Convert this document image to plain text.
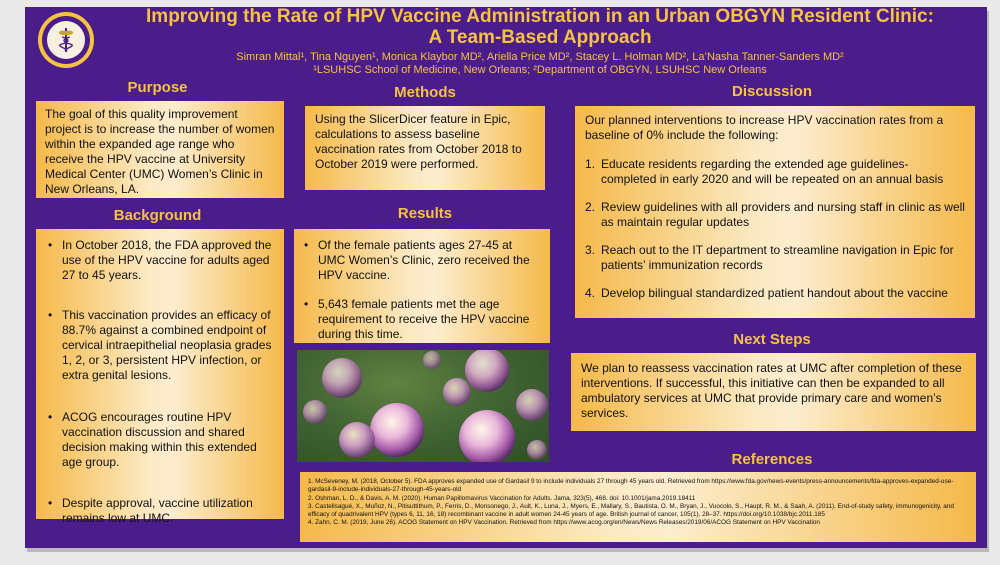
Improving the Rate of HPV Vaccine Administration in an Urban OBGYN Resident Clinic:
A Team-Based Approach
Simran Mittal¹, Tina Nguyen¹, Monica Klaybor MD², Ariella Price MD², Stacey L. Holman MD², La’Nasha Tanner-Sanders MD²
¹LSUHSC School of Medicine, New Orleans; ²Department of OBGYN, LSUHSC New Orleans
Purpose

The goal of this quality improvement project is to increase the number of women within the expanded age range who receive the HPV vaccine at University Medical Center (UMC) Women’s Clinic in New Orleans, LA.

Background
• In October 2018, the FDA approved the use of the HPV vaccine for adults aged 27 to 45 years.
• This vaccination provides an efficacy of 88.7% against a combined endpoint of cervical intraepithelial neoplasia grades 1, 2, or 3, persistent HPV infection, or extra genital lesions.
• ACOG encourages routine HPV vaccination discussion and shared decision making within this extended age group.
• Despite approval, vaccine utilization remains low at UMC.
Methods

Using the SlicerDicer feature in Epic, calculations to assess baseline vaccination rates from October 2018 to October 2019 were performed.

Results
• Of the female patients ages 27-45 at UMC Women’s Clinic, zero received the HPV vaccine.
• 5,643 female patients met the age requirement to receive the HPV vaccine during this time.
Discussion

Our planned interventions to increase HPV vaccination rates from a baseline of 0% include the following:

1. Educate residents regarding the extended age guidelines- completed in early 2020 and will be repeated on an annual basis
2. Review guidelines with all providers and nursing staff in clinic as well as maintain regular updates
3. Reach out to the IT department to streamline navigation in Epic for patients’ immunization records
4. Develop bilingual standardized patient handout about the vaccine
Next Steps

We plan to reassess vaccination rates at UMC after completion of these interventions. If successful, this initiative can then be expanded to all ambulatory services at UMC that provide primary care and women’s services.

References
1. McSeveney, M. (2018, October 5). FDA approves expanded use of Gardasil 9 to include individuals 27 through 45 years old. Retrieved from https://www.fda.gov/news-events/press-announcements/fda-approves-expanded-use-gardasil-9-include-individuals-27-through-45-years-old
2. Oshman, L. D., & Davis, A. M. (2020). Human Papillomavirus Vaccination for Adults. Jama, 323(5), 468. doi: 10.1001/jama.2019.18411
3. Castellsagué, X., Muñoz, N., Pitisuttithum, P., Ferris, D., Monsonego, J., Ault, K., Luna, J., Myers, E., Mallary, S., Bautista, O. M., Bryan, J., Vuocolo, S., Haupt, R. M., & Saah, A. (2011). End-of-study safety, immunogenicity, and efficacy of quadrivalent HPV (types 6, 11, 16, 18) recombinant vaccine in adult women 24-45 years of age. British journal of cancer, 105(1), 28–37. https://doi.org/10.1038/bjc.2011.185
4. Zahn, C. M. (2019, June 26). ACOG Statement on HPV Vaccination. Retrieved from https://www.acog.org/en/News/News Releases/2019/06/ACOG Statement on HPV Vaccination
